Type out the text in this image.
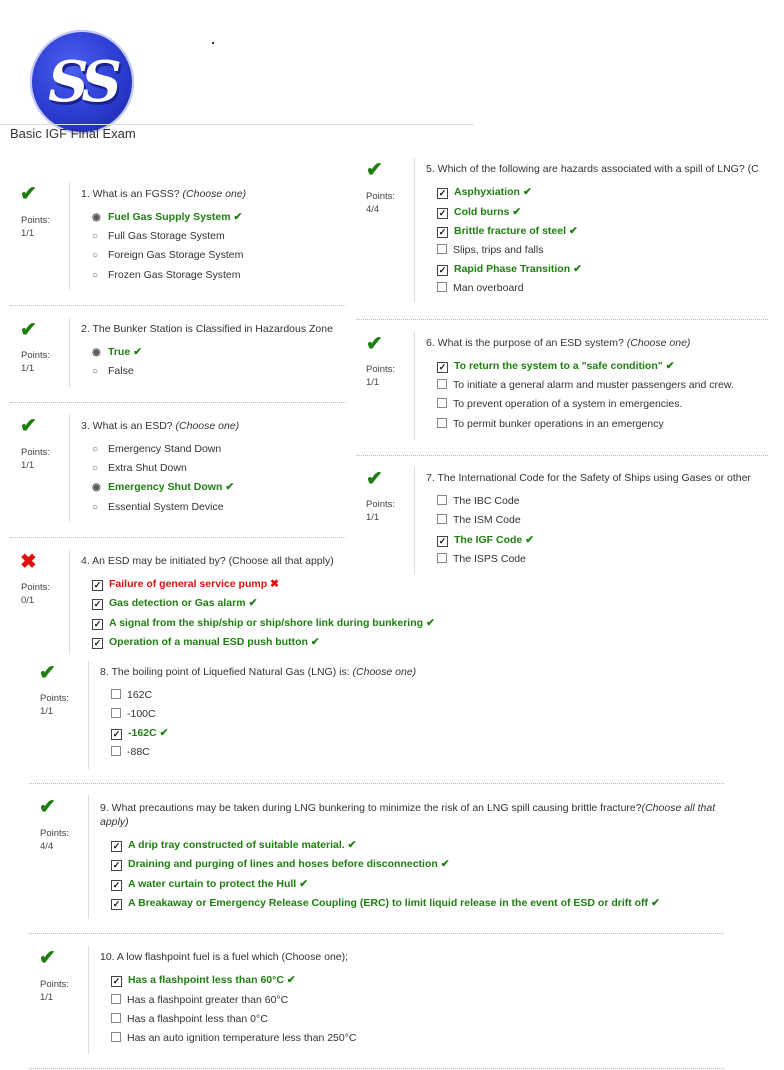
SS
Basic IGF Final Exam
✔
Points:
1/1
1. What is an FGSS? (Choose one)
◉ Fuel Gas Supply System ✔
○ Full Gas Storage System
○ Foreign Gas Storage System
○ Frozen Gas Storage System
✔
Points:
1/1
2. The Bunker Station is Classified in Hazardous Zone
◉ True ✔
○ False
✔
Points:
1/1
3. What is an ESD? (Choose one)
○ Emergency Stand Down
○ Extra Shut Down
◉ Emergency Shut Down ✔
○ Essential System Device
✖
Points:
0/1
4. An ESD may be initiated by? (Choose all that apply)
✓ Failure of general service pump ✖
✓ Gas detection or Gas alarm ✔
✓ A signal from the ship/ship or ship/shore link during bunkering ✔
✓ Operation of a manual ESD push button ✔
✔
Points:
4/4
5. Which of the following are hazards associated with a spill of LNG? (C
✓ Asphyxiation ✔
✓ Cold burns ✔
✓ Brittle fracture of steel ✔
Slips, trips and falls
✓ Rapid Phase Transition ✔
Man overboard
✔
Points:
1/1
6. What is the purpose of an ESD system? (Choose one)
✓ To return the system to a "safe condition" ✔
To initiate a general alarm and muster passengers and crew.
To prevent operation of a system in emergencies.
To permit bunker operations in an emergency
✔
Points:
1/1
7. The International Code for the Safety of Ships using Gases or other
The IBC Code
The ISM Code
✓ The IGF Code ✔
The ISPS Code
✔
Points:
1/1
8. The boiling point of Liquefied Natural Gas (LNG) is: (Choose one)
162C
-100C
✓ -162C ✔
-88C
✔
Points:
4/4
9. What precautions may be taken during LNG bunkering to minimize the risk of an LNG spill causing brittle fracture?(Choose all that apply)
✓ A drip tray constructed of suitable material. ✔
✓ Draining and purging of lines and hoses before disconnection ✔
✓ A water curtain to protect the Hull ✔
✓ A Breakaway or Emergency Release Coupling (ERC) to limit liquid release in the event of ESD or drift off ✔
✔
Points:
1/1
10. A low flashpoint fuel is a fuel which (Choose one);
✓ Has a flashpoint less than 60°C ✔
Has a flashpoint greater than 60°C
Has a flashpoint less than 0°C
Has an auto ignition temperature less than 250°C
